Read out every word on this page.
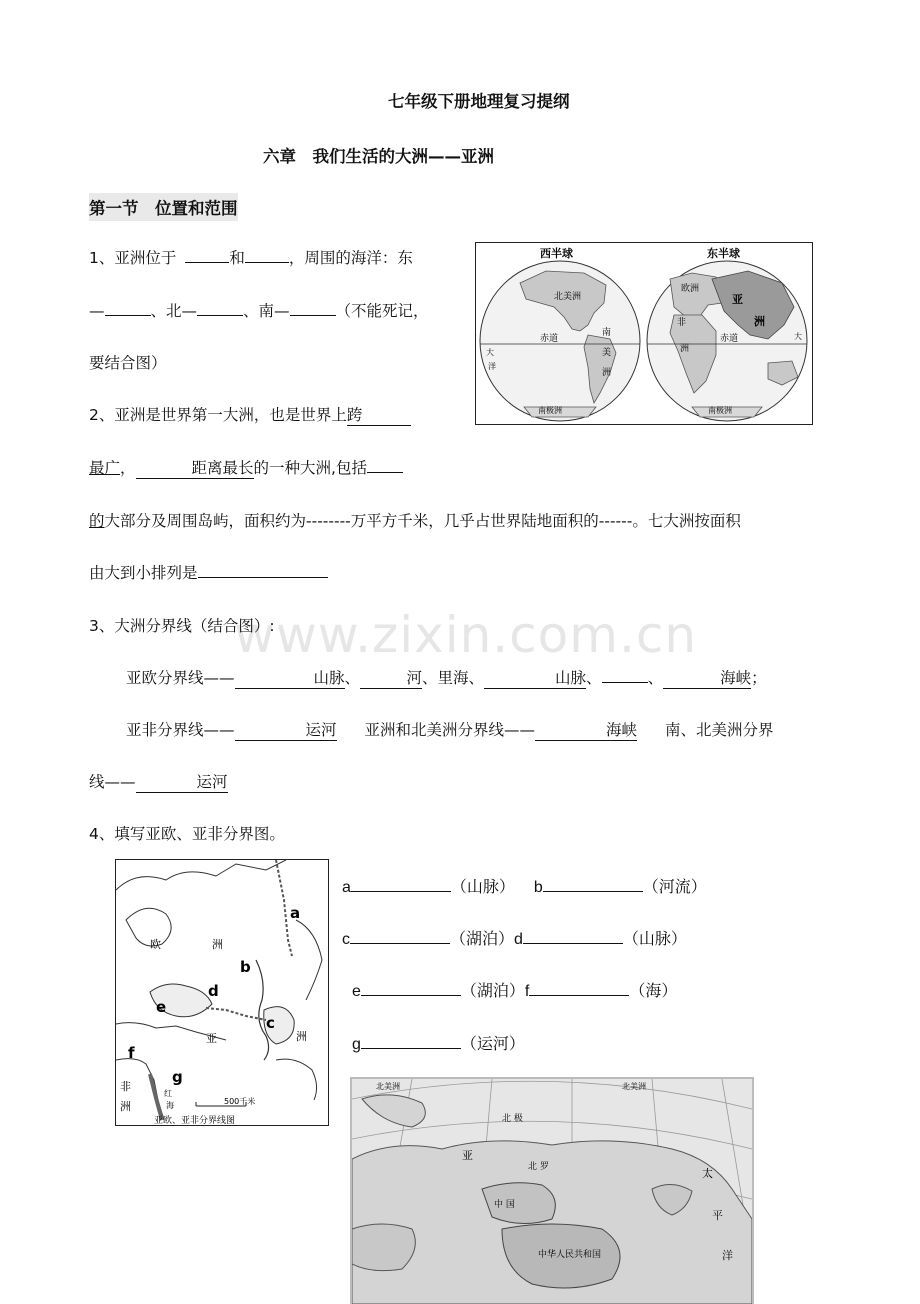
七年级下册地理复习提纲
六章　我们生活的大洲——亚洲
第一节　位置和范围
1、亚洲位于	和	，周围的海洋：东
—	、北—	、南—	（不能死记，
要结合图）
西半球	东半球
北美洲
赤道
南
美
洲
大
洋
南极洲
欧洲
亚
洲
非
洲
赤道	大
南极洲
2、亚洲是世界第一大洲，也是世界上跨
最广，	距离最长的一种大洲,包括
的大部分及周围岛屿，面积约为--------万平方千米，几乎占世界陆地面积的------。七大洲按面积
由大到小排列是
www.zixin.com.cn
3、大洲分界线（结合图）:
亚欧分界线——	山脉、	河、里海、	山脉、	、	海峡；
亚非分界线——	运河 亚洲和北美洲分界线——	海峡 南、北美洲分界
线——	运河
4、填写亚欧、亚非分界图。
a
b
d
e
c
f
g
欧	洲
亚	洲
非
洲
红
海	500千米
亚欧、亚非分界线图
a	（山脉） b	（河流）
c	（湖泊）d	（山脉）
e	（湖泊）f	（海）
g	（运河）
北美洲	北美洲
北 极
北 罗
亚
中 国
中华人民共和国
太
平
洋
